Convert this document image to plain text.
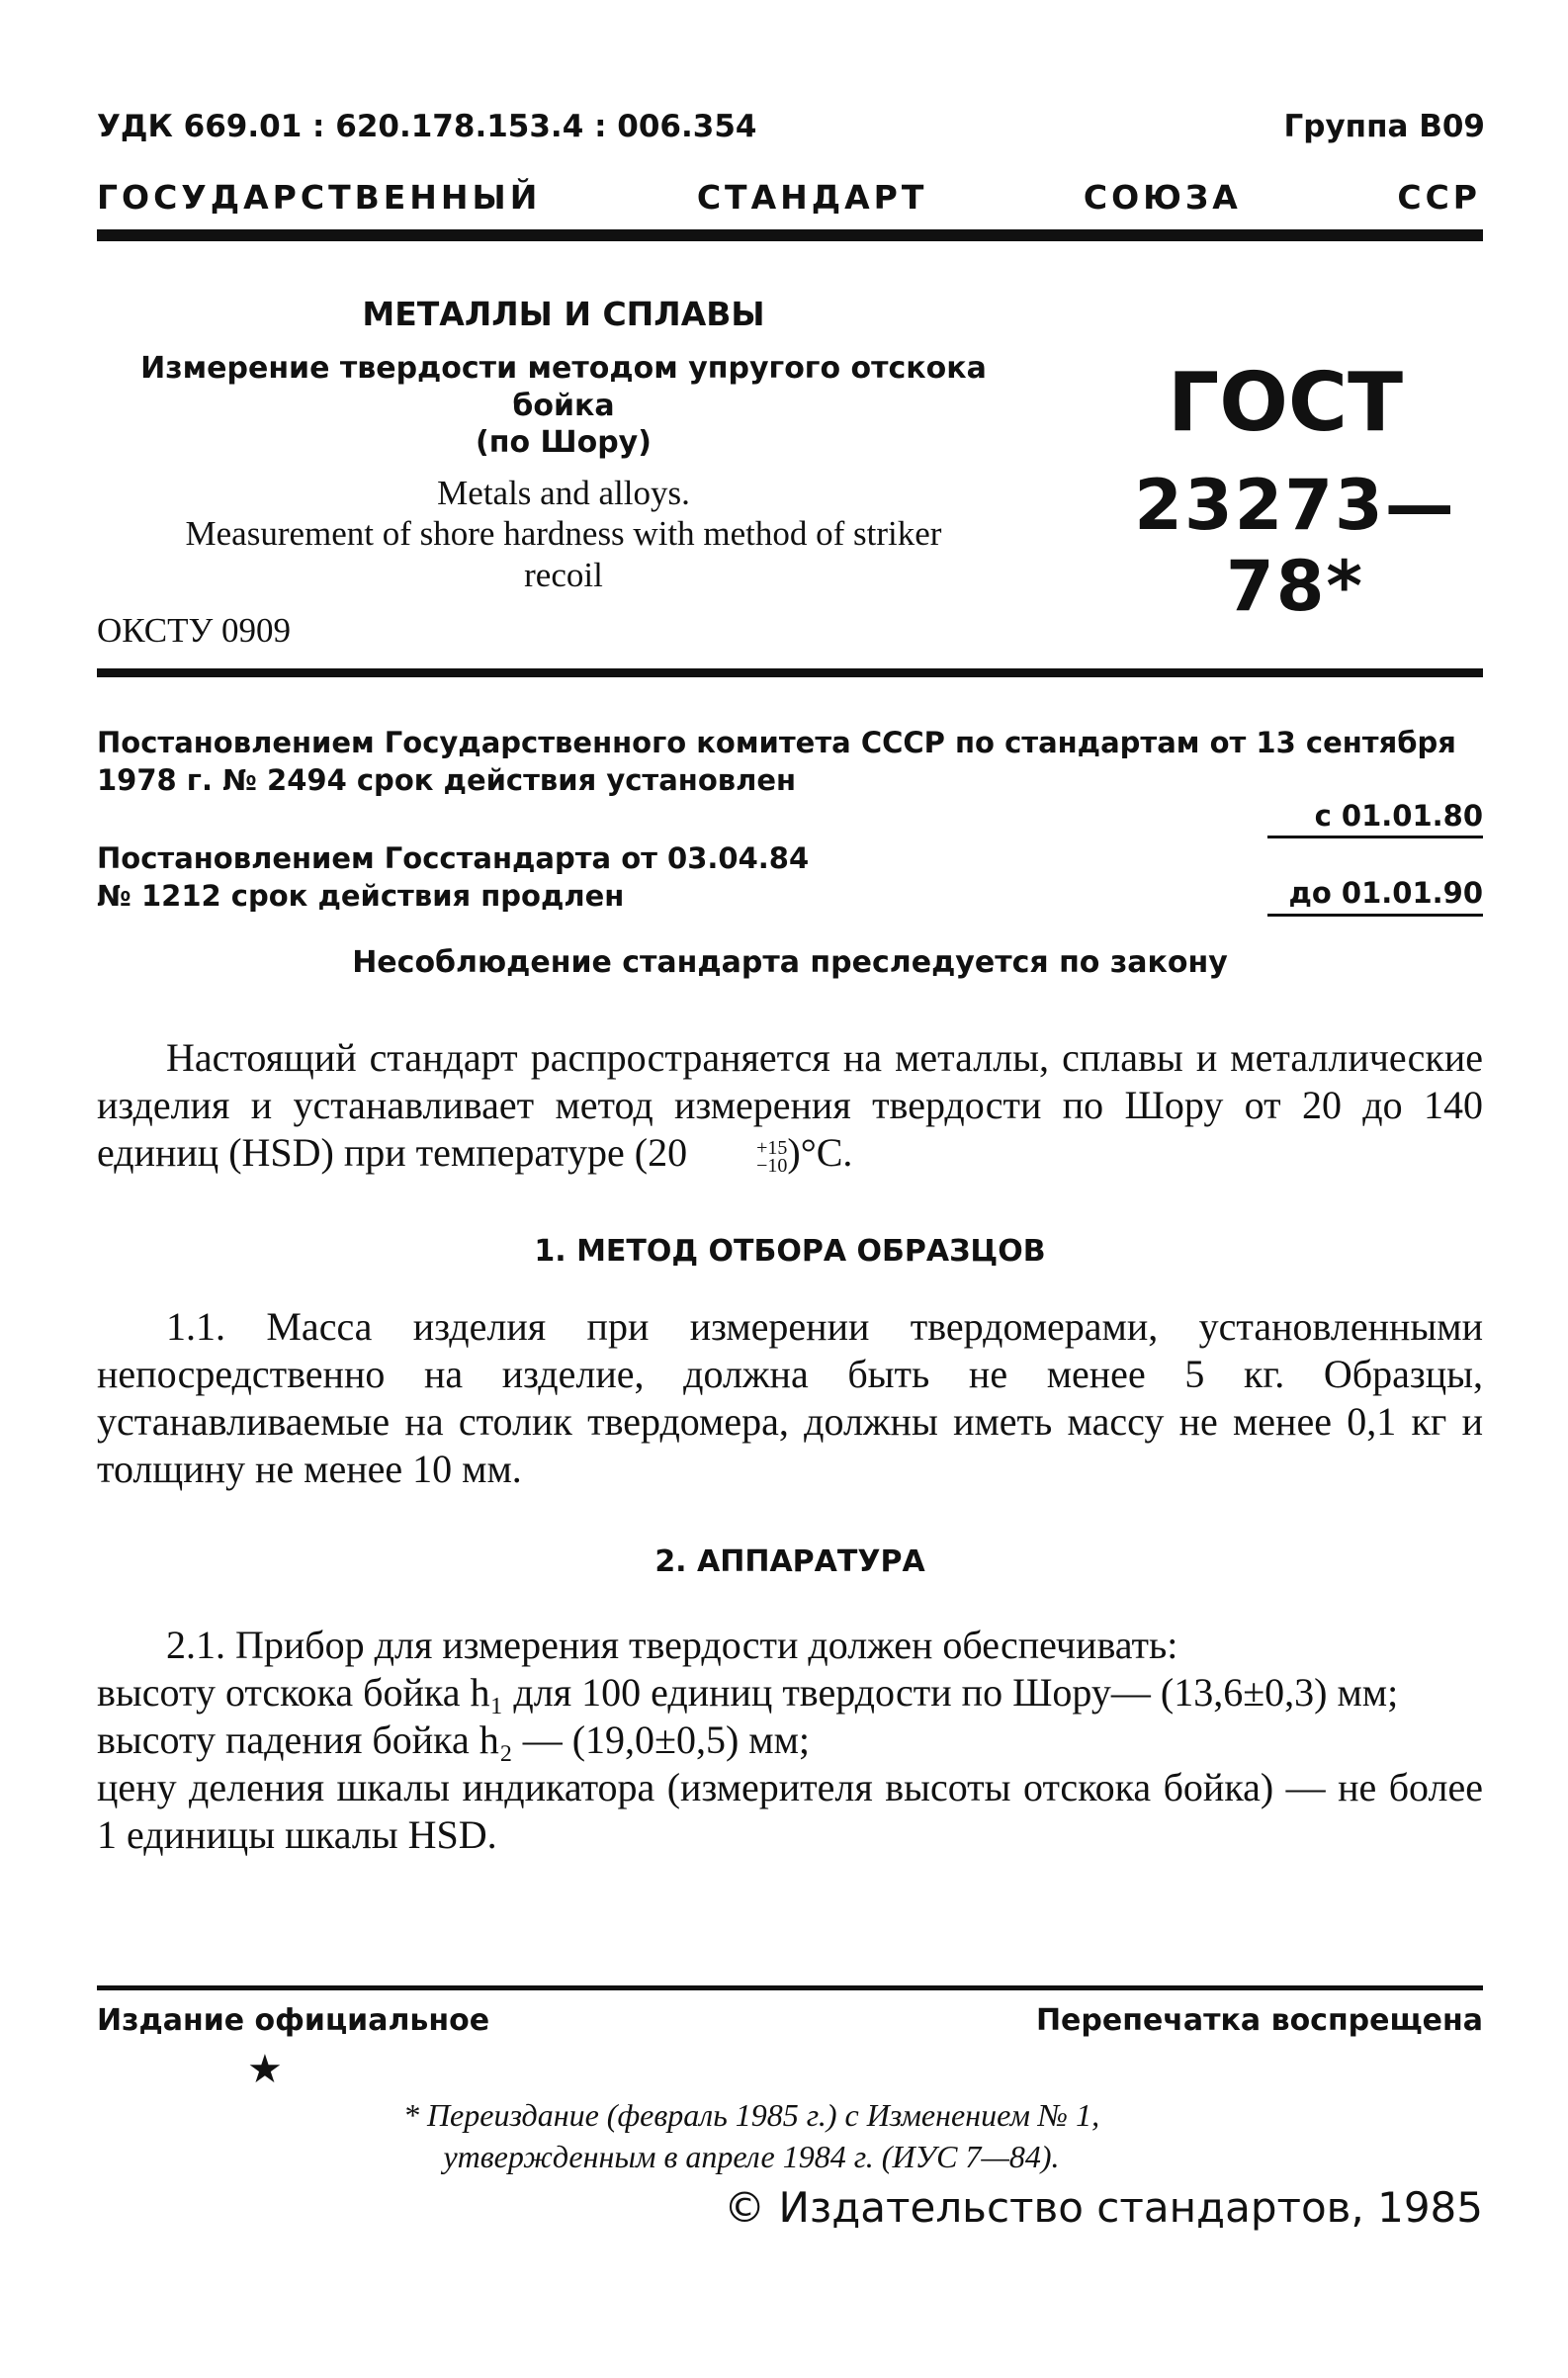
УДК 669.01 : 620.178.153.4 : 006.354	Группа В09
ГОСУДАРСТВЕННЫЙ	СТАНДАРТ	СОЮЗА	ССР
МЕТАЛЛЫ И СПЛАВЫ
Измерение твердости методом упругого отскока бойка
(по Шору)
Metals and alloys.
Measurement of shore hardness with method of striker
recoil
ОКСТУ 0909
ГОСТ
23273—78*
Постановлением Государственного комитета СССР по стандартам от 13 сентября 1978 г. № 2494 срок действия установлен
с 01.01.80
Постановлением Госстандарта от 03.04.84
№ 1212 срок действия продлен	до 01.01.90
Несоблюдение стандарта преследуется по закону
Настоящий стандарт распространяется на металлы, сплавы и металлические изделия и устанавливает метод измерения твердости по Шору от 20 до 140 единиц (HSD) при температуре (20	+15
−10 )°С.
1. МЕТОД ОТБОРА ОБРАЗЦОВ
1.1. Масса изделия при измерении твердомерами, установленными непосредственно на изделие, должна быть не менее 5 кг. Образцы, устанавливаемые на столик твердомера, должны иметь массу не менее 0,1 кг и толщину не менее 10 мм.
2. АППАРАТУРА
2.1. Прибор для измерения твердости должен обеспечивать:
высоту отскока бойка h₁ для 100 единиц твердости по Шору— (13,6±0,3) мм;
высоту падения бойка h₂ — (19,0±0,5) мм;
цену деления шкалы индикатора (измерителя высоты отскока бойка) — не более 1 единицы шкалы HSD.
Издание официальное	Перепечатка воспрещена
★
* Переиздание (февраль 1985 г.) с Изменением № 1,
утвержденным в апреле 1984 г. (ИУС 7—84).
© Издательство стандартов, 1985
